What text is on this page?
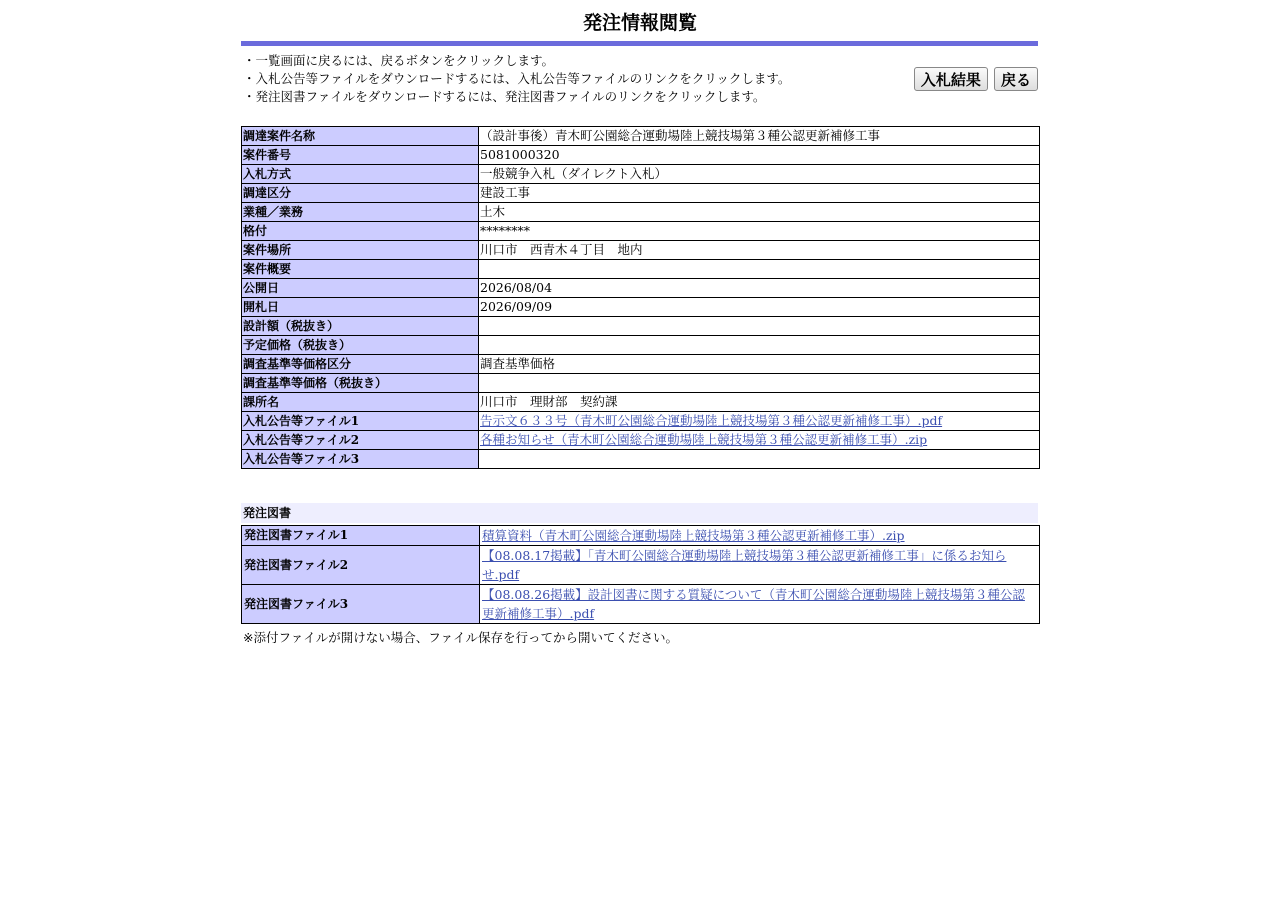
発注情報閲覧
・一覧画面に戻るには、戻るボタンをクリックします。
・入札公告等ファイルをダウンロードするには、入札公告等ファイルのリンクをクリックします。
・発注図書ファイルをダウンロードするには、発注図書ファイルのリンクをクリックします。
入札結果 戻る
調達案件名称	（設計事後）青木町公園総合運動場陸上競技場第３種公認更新補修工事
案件番号	5081000320
入札方式	一般競争入札（ダイレクト入札）
調達区分	建設工事
業種／業務	土木
格付	********
案件場所	川口市　西青木４丁目　地内
案件概要	
公開日	2026/08/04
開札日	2026/09/09
設計額（税抜き）	
予定価格（税抜き）	
調査基準等価格区分	調査基準価格
調査基準等価格（税抜き）	
課所名	川口市　理財部　契約課
入札公告等ファイル1	告示文６３３号（青木町公園総合運動場陸上競技場第３種公認更新補修工事）.pdf
入札公告等ファイル2	各種お知らせ（青木町公園総合運動場陸上競技場第３種公認更新補修工事）.zip
入札公告等ファイル3	
発注図書
発注図書ファイル1	積算資料（青木町公園総合運動場陸上競技場第３種公認更新補修工事）.zip
発注図書ファイル2	【08.08.17掲載】「青木町公園総合運動場陸上競技場第３種公認更新補修工事」に係るお知らせ.pdf
発注図書ファイル3	【08.08.26掲載】設計図書に関する質疑について（青木町公園総合運動場陸上競技場第３種公認更新補修工事）.pdf
※添付ファイルが開けない場合、ファイル保存を行ってから開いてください。
